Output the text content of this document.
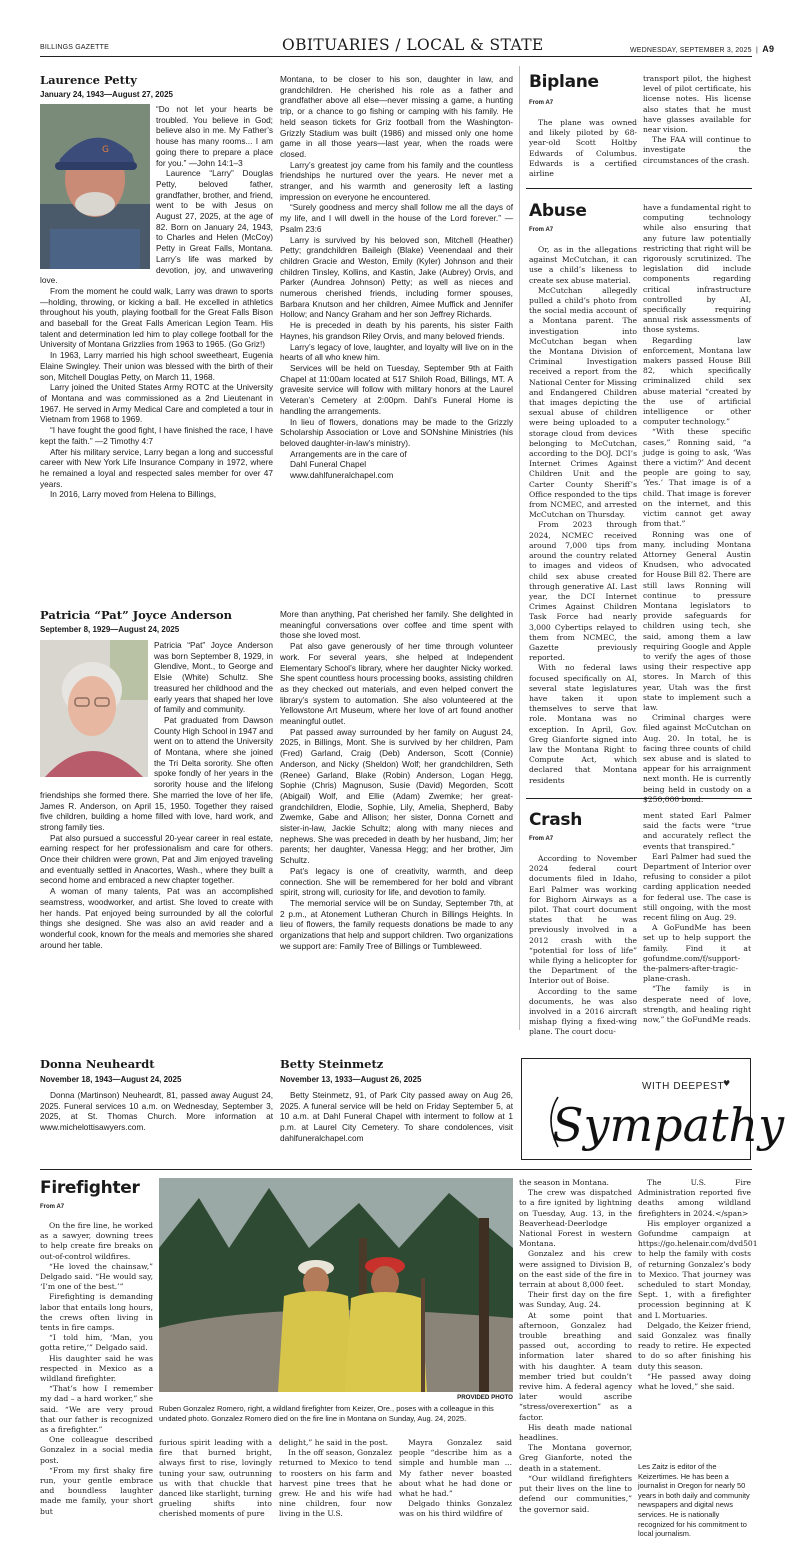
BILLINGS GAZETTE	OBITUARIES / LOCAL & STATE	WEDNESDAY, SEPTEMBER 3, 2025  |  A9
Laurence Petty
January 24, 1943—August 27, 2025
G

“Do not let your hearts be troubled. You believe in God; believe also in me. My Father’s house has many rooms... I am going there to prepare a place for you.” —John 14:1–3

Laurence “Larry” Douglas Petty, beloved father, grandfather, brother, and friend, went to be with Jesus on August 27, 2025, at the age of 82. Born on January 24, 1943, to Charles and Helen (McCoy) Petty in Great Falls, Montana. Larry’s life was marked by devotion, joy, and unwavering love.

From the moment he could walk, Larry was drawn to sports—holding, throwing, or kicking a ball. He excelled in athletics throughout his youth, playing football for the Great Falls Bison and baseball for the Great Falls American Legion Team. His talent and determination led him to play college football for the University of Montana Grizzlies from 1963 to 1965. (Go Griz!)

In 1963, Larry married his high school sweetheart, Eugenia Elaine Swingley. Their union was blessed with the birth of their son, Mitchell Douglas Petty, on March 11, 1968.

Larry joined the United States Army ROTC at the University of Montana and was commissioned as a 2nd Lieutenant in 1967. He served in Army Medical Care and completed a tour in Vietnam from 1968 to 1969.

“I have fought the good fight, I have finished the race, I have kept the faith.” —2 Timothy 4:7

After his military service, Larry began a long and successful career with New York Life Insurance Company in 1972, where he remained a loyal and respected sales member for over 47 years.

In 2016, Larry moved from Helena to Billings,

Montana, to be closer to his son, daughter in law, and grandchildren. He cherished his role as a father and grandfather above all else—never missing a game, a hunting trip, or a chance to go fishing or camping with his family. He held season tickets for Griz football from the Washington-Grizzly Stadium was built (1986) and missed only one home game in all those years—last year, when the roads were closed.

Larry’s greatest joy came from his family and the countless friendships he nurtured over the years. He never met a stranger, and his warmth and generosity left a lasting impression on everyone he encountered.

“Surely goodness and mercy shall follow me all the days of my life, and I will dwell in the house of the Lord forever.” —Psalm 23:6

Larry is survived by his beloved son, Mitchell (Heather) Petty; grandchildren Baileigh (Blake) Veenendaal and their children Gracie and Weston, Emily (Kyler) Johnson and their children Tinsley, Kollins, and Kastin, Jake (Aubrey) Orvis, and Parker (Aundrea Johnson) Petty; as well as nieces and numerous cherished friends, including former spouses, Barbara Knutson and her children, Aimee Muffick and Jennifer Hollow; and Nancy Graham and her son Jeffrey Richards.

He is preceded in death by his parents, his sister Faith Haynes, his grandson Riley Orvis, and many beloved friends.

Larry’s legacy of love, laughter, and loyalty will live on in the hearts of all who knew him.

Services will be held on Tuesday, September 9th at Faith Chapel at 11:00am located at 517 Shiloh Road, Billings, MT. A gravesite service will follow with military honors at the Laurel Veteran’s Cemetery at 2:00pm. Dahl’s Funeral Home is handling the arrangements.

In lieu of flowers, donations may be made to the Grizzly Scholarship Association or Love and SONshine Ministries (his beloved daughter-in-law’s ministry).

Arrangements are in the care of

Dahl Funeral Chapel

www.dahlfuneralchapel.com

Patricia “Pat” Joyce Anderson
September 8, 1929—August 24, 2025

Patricia “Pat” Joyce Anderson was born September 8, 1929, in Glendive, Mont., to George and Elsie (White) Schultz. She treasured her childhood and the early years that shaped her love of family and community.

Pat graduated from Dawson County High School in 1947 and went on to attend the University of Montana, where she joined the Tri Delta sorority. She often spoke fondly of her years in the sorority house and the lifelong friendships she formed there. She married the love of her life, James R. Anderson, on April 15, 1950. Together they raised five children, building a home filled with love, hard work, and strong family ties.

Pat also pursued a successful 20-year career in real estate, earning respect for her professionalism and care for others. Once their children were grown, Pat and Jim enjoyed traveling and eventually settled in Anacortes, Wash., where they built a second home and embraced a new chapter together.

A woman of many talents, Pat was an accomplished seamstress, woodworker, and artist. She loved to create with her hands. Pat enjoyed being surrounded by all the colorful things she designed. She was also an avid reader and a wonderful cook, known for the meals and memories she shared around her table.

More than anything, Pat cherished her family. She delighted in meaningful conversations over coffee and time spent with those she loved most.

Pat also gave generously of her time through volunteer work. For several years, she helped at Independent Elementary School’s library, where her daughter Nicky worked. She spent countless hours processing books, assisting children as they checked out materials, and even helped convert the library’s system to automation. She also volunteered at the Yellowstone Art Museum, where her love of art found another meaningful outlet.

Pat passed away surrounded by her family on August 24, 2025, in Billings, Mont. She is survived by her children, Pam (Fred) Garland, Craig (Deb) Anderson, Scott (Connie) Anderson, and Nicky (Sheldon) Wolf; her grandchildren, Seth (Renee) Garland, Blake (Robin) Anderson, Logan Hegg, Sophie (Chris) Magnuson, Susie (David) Megorden, Scott (Abigail) Wolf, and Ellie (Adam) Zwemke; her great-grandchildren, Elodie, Sophie, Lily, Amelia, Shepherd, Baby Zwemke, Gabe and Allison; her sister, Donna Cornett and sister-in-law, Jackie Schultz; along with many nieces and nephews. She was preceded in death by her husband, Jim; her parents; her daughter, Vanessa Hegg; and her brother, Jim Schultz.

Pat’s legacy is one of creativity, warmth, and deep connection. She will be remembered for her bold and vibrant spirit, strong will, curiosity for life, and devotion to family.

The memorial service will be on Sunday, September 7th, at 2 p.m., at Atonement Lutheran Church in Billings Heights. In lieu of flowers, the family requests donations be made to any organizations that help and support children. Two organizations we support are: Family Tree of Billings or Tumbleweed.

Donna Neuheardt
November 18, 1943—August 24, 2025

Donna (Martinson) Neuheardt, 81, passed away August 24, 2025. Funeral services 10 a.m. on Wednesday, September 3, 2025, at St. Thomas Church. More information at www.michelottisawyers.com.

Betty Steinmetz
November 13, 1933—August 26, 2025

Betty Steinmetz, 91, of Park City passed away on Aug 26, 2025. A funeral service will be held on Friday September 5, at 10 a.m. at Dahl Funeral Chapel with interment to follow at 1 p.m. at Laurel City Cemetery. To share condolences, visit dahlfuneralchapel.com

Biplane
From A7

The plane was owned and likely piloted by 68-year-old Scott Holtby Edwards of Columbus. Edwards is a certified airline

transport pilot, the highest level of pilot certificate, his license notes. His license also states that he must have glasses available for near vision.

The FAA will continue to investigate the circumstances of the crash.

Abuse
From A7

Or, as in the allegations against McCutchan, it can use a child’s likeness to create sex abuse material.

McCutchan allegedly pulled a child’s photo from the social media account of a Montana parent. The investigation into McCutchan began when the Montana Division of Criminal Investigation received a report from the National Center for Missing and Endangered Children that images depicting the sexual abuse of children were being uploaded to a storage cloud from devices belonging to McCutchan, according to the DOJ. DCI’s Internet Crimes Against Children Unit and the Carter County Sheriff’s Office responded to the tips from NCMEC, and arrested McCutchan on Thursday.

From 2023 through 2024, NCMEC received around 7,000 tips from around the country related to images and videos of child sex abuse created through generative AI. Last year, the DCI Internet Crimes Against Children Task Force had nearly 3,000 Cybertips relayed to them from NCMEC, the Gazette previously reported.

With no federal laws focused specifically on AI, several state legislatures have taken it upon themselves to serve that role. Montana was no exception. In April, Gov. Greg Gianforte signed into law the Montana Right to Compute Act, which declared that Montana residents

have a fundamental right to computing technology while also ensuring that any future law potentially restricting that right will be rigorously scrutinized. The legislation did include components regarding critical infrastructure controlled by AI, specifically requiring annual risk assessments of those systems.

Regarding law enforcement, Montana law makers passed House Bill 82, which specifically criminalized child sex abuse material “created by the use of artificial intelligence or other computer technology.”

“With these specific cases,” Ronning said, “a judge is going to ask, ‘Was there a victim?’ And decent people are going to say, ‘Yes.’ That image is of a child. That image is forever on the internet, and this victim cannot get away from that.”

Ronning was one of many, including Montana Attorney General Austin Knudsen, who advocated for House Bill 82. There are still laws Ronning will continue to pressure Montana legislators to provide safeguards for children using tech, she said, among them a law requiring Google and Apple to verify the ages of those using their respective app stores. In March of this year, Utah was the first state to implement such a law.

Criminal charges were filed against McCutchan on Aug. 20. In total, he is facing three counts of child sex abuse and is slated to appear for his arraignment next month. He is currently being held in custody on a $250,000 bond.

Crash
From A7

According to November 2024 federal court documents filed in Idaho, Earl Palmer was working for Bighorn Airways as a pilot. That court document states that he was previously involved in a 2012 crash with the “potential for loss of life” while flying a helicopter for the Department of the Interior out of Boise.

According to the same documents, he was also involved in a 2016 aircraft mishap flying a fixed-wing plane. The court docu-

ment stated Earl Palmer said the facts were “true and accurately reflect the events that transpired.”

Earl Palmer had sued the Department of Interior over refusing to consider a pilot carding application needed for federal use. The case is still ongoing, with the most recent filing on Aug. 29.

A GoFundMe has been set up to help support the family. Find it at gofundme.com/f/support-the-palmers-after-tragic-plane-crash.

“The family is in desperate need of love, strength, and healing right now,” the GoFundMe reads.

WITH DEEPEST
♥
Sympathy
Firefighter
From A7

On the fire line, he worked as a sawyer, downing trees to help create fire breaks on out-of-control wildfires.

“He loved the chainsaw,” Delgado said. “He would say, ‘I’m one of the best.’”

Firefighting is demanding labor that entails long hours, the crews often living in tents in fire camps.

“I told him, ‘Man, you gotta retire,’” Delgado said.

His daughter said he was respected in Mexico as a wildland firefighter.

“That’s how I remember my dad – a hard worker,” she said. “We are very proud that our father is recognized as a firefighter.”

One colleague described Gonzalez in a social media post.

“From my first shaky fire run, your gentle embrace and boundless laughter made me family, your short but

PROVIDED PHOTO
Ruben Gonzalez Romero, right, a wildland firefighter from Keizer, Ore., poses with a colleague in this undated photo. Gonzalez Romero died on the fire line in Montana on Sunday, Aug. 24, 2025.

furious spirit leading with a fire that burned bright, always first to rise, lovingly tuning your saw, outrunning us with that chuckle that danced like starlight, turning grueling shifts into cherished moments of pure

delight,” he said in the post.

In the off season, Gonzalez returned to Mexico to tend to roosters on his farm and harvest pine trees that he grew. He and his wife had nine children, four now living in the U.S.

Mayra Gonzalez said people “describe him as a simple and humble man ... My father never boasted about what he had done or what he had.”

Delgado thinks Gonzalez was on his third wildfire of

the season in Montana.

The crew was dispatched to a fire ignited by lightning on Tuesday, Aug. 13, in the Beaverhead-Deerlodge National Forest in western Montana.

Gonzalez and his crew were assigned to Division B, on the east side of the fire in terrain at about 8,000 feet.

Their first day on the fire was Sunday, Aug. 24.

At some point that afternoon, Gonzalez had trouble breathing and passed out, according to information later shared with his daughter. A team member tried but couldn’t revive him. A federal agency later would ascribe “stress/overexertion” as a factor.

His death made national headlines.

The Montana governor, Greg Gianforte, noted the death in a statement.

“Our wildland firefighters put their lives on the line to defend our communities,” the governor said.

The U.S. Fire Administration reported five deaths among wildland firefighters in 2024.</span>

His employer organized a Gofundme campaign at https://go.helenair.com/dvd501 to help the family with costs of returning Gonzalez’s body to Mexico. That journey was scheduled to start Monday, Sept. 1, with a firefighter procession beginning at K and L Mortuaries.

Delgado, the Keizer friend, said Gonzalez was finally ready to retire. He expected to do so after finishing his duty this season.

“He passed away doing what he loved,” she said.

Les Zaitz is editor of the Keizertimes. He has been a journalist in Oregon for nearly 50 years in both daily and community newspapers and digital news services. He is nationally recognized for his commitment to local journalism.
